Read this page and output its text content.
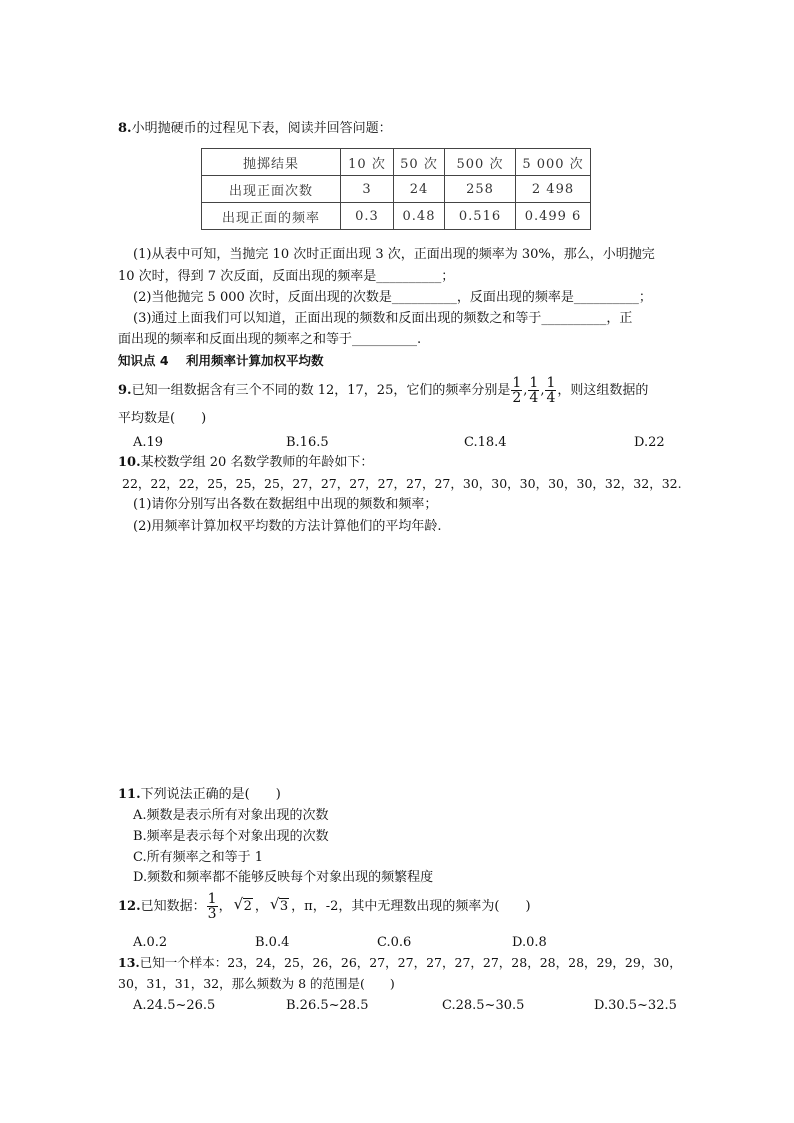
8.小明抛硬币的过程见下表，阅读并回答问题：
抛掷结果	10 次	50 次	500 次	5 000 次
出现正面次数	3	24	258	2 498
出现正面的频率	0.3	0.48	0.516	0.499 6
(1)从表中可知，当抛完 10 次时正面出现 3 次，正面出现的频率为 30%，那么，小明抛完
10 次时，得到 7 次反面，反面出现的频率是__________；
(2)当他抛完 5 000 次时，反面出现的次数是__________，反面出现的频率是__________；
(3)通过上面我们可以知道，正面出现的频数和反面出现的频数之和等于__________，正
面出现的频率和反面出现的频率之和等于__________.
知识点 4    利用频率计算加权平均数
9.已知一组数据含有三个不同的数 12，17，25，它们的频率分别是 $\frac{1}{2}$ , $\frac{1}{4}$ , $\frac{1}{4}$ ，则这组数据的
平均数是(　　)
A.19	B.16.5	C.18.4	D.22
10.某校数学组 20 名数学教师的年龄如下：
22，22，22，25，25，25，27，27，27，27，27，27，30，30，30，30，30，32，32，32.
(1)请你分别写出各数在数据组中出现的频数和频率；
(2)用频率计算加权平均数的方法计算他们的平均年龄.
11.下列说法正确的是(　　)
A.频数是表示所有对象出现的次数
B.频率是表示每个对象出现的次数
C.所有频率之和等于 1
D.频数和频率都不能够反映每个对象出现的频繁程度
12.已知数据： $\frac{1}{3}$ ， √ 2 ， √ 3 ，π，-2，其中无理数出现的频率为(　　)
A.0.2	B.0.4	C.0.6	D.0.8
13.已知一个样本：23，24，25，26，26，27，27，27，27，27，28，28，28，29，29，30，
30，31，31，32，那么频数为 8 的范围是(　　)
A.24.5~26.5	B.26.5~28.5	C.28.5~30.5	D.30.5~32.5
